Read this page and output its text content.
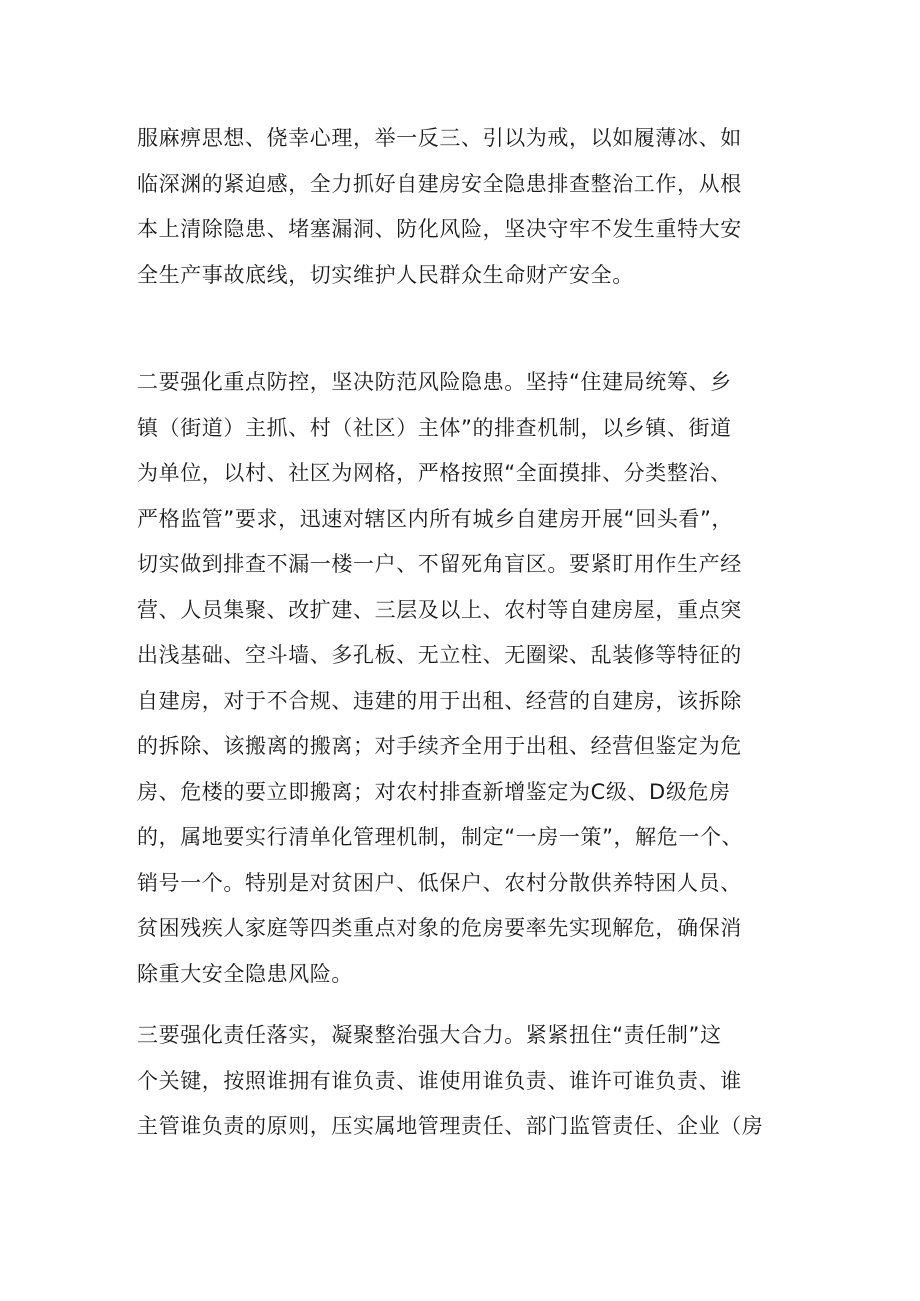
服麻痹思想、侥幸心理，举一反三、引以为戒，以如履薄冰、如
临深渊的紧迫感，全力抓好自建房安全隐患排查整治工作，从根
本上清除隐患、堵塞漏洞、防化风险，坚决守牢不发生重特大安
全生产事故底线，切实维护人民群众生命财产安全。
二要强化重点防控，坚决防范风险隐患。坚持“住建局统筹、乡
镇（街道）主抓、村（社区）主体”的排查机制，以乡镇、街道
为单位，以村、社区为网格，严格按照“全面摸排、分类整治、
严格监管”要求，迅速对辖区内所有城乡自建房开展“回头看”，
切实做到排查不漏一楼一户、不留死角盲区。要紧盯用作生产经
营、人员集聚、改扩建、三层及以上、农村等自建房屋，重点突
出浅基础、空斗墙、多孔板、无立柱、无圈梁、乱装修等特征的
自建房，对于不合规、违建的用于出租、经营的自建房，该拆除
的拆除、该搬离的搬离；对手续齐全用于出租、经营但鉴定为危
房、危楼的要立即搬离；对农村排查新增鉴定为C级、D级危房
的，属地要实行清单化管理机制，制定“一房一策”，解危一个、
销号一个。特别是对贫困户、低保户、农村分散供养特困人员、
贫困残疾人家庭等四类重点对象的危房要率先实现解危，确保消
除重大安全隐患风险。
三要强化责任落实，凝聚整治强大合力。紧紧扭住“责任制”这
个关键，按照谁拥有谁负责、谁使用谁负责、谁许可谁负责、谁
主管谁负责的原则，压实属地管理责任、部门监管责任、企业（房
